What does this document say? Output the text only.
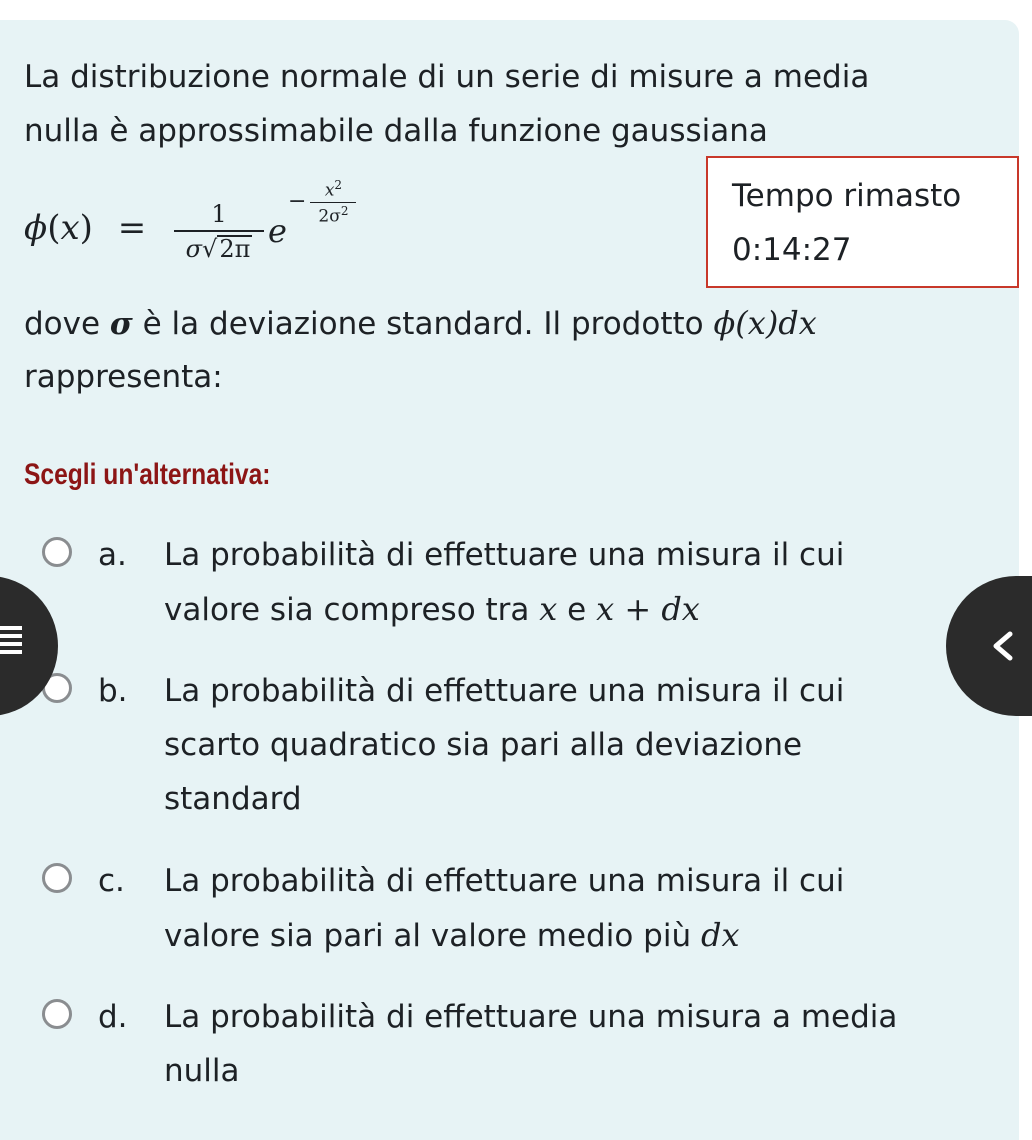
La distribuzione normale di un serie di misure a media
nulla è approssimabile dalla funzione gaussiana
ϕ(x) =	1
σ√2π e
−	$x^2$
$2\sigma^2$	Tempo rimasto
0:14:27
dove σ è la deviazione standard. Il prodotto ϕ(x)dx
rappresenta:
Scegli un'alternativa:
a. La probabilità di effettuare una misura il cui
valore sia compreso tra x e x + dx
b. La probabilità di effettuare una misura il cui
scarto quadratico sia pari alla deviazione
standard
c. La probabilità di effettuare una misura il cui
valore sia pari al valore medio più dx
d. La probabilità di effettuare una misura a media
nulla
